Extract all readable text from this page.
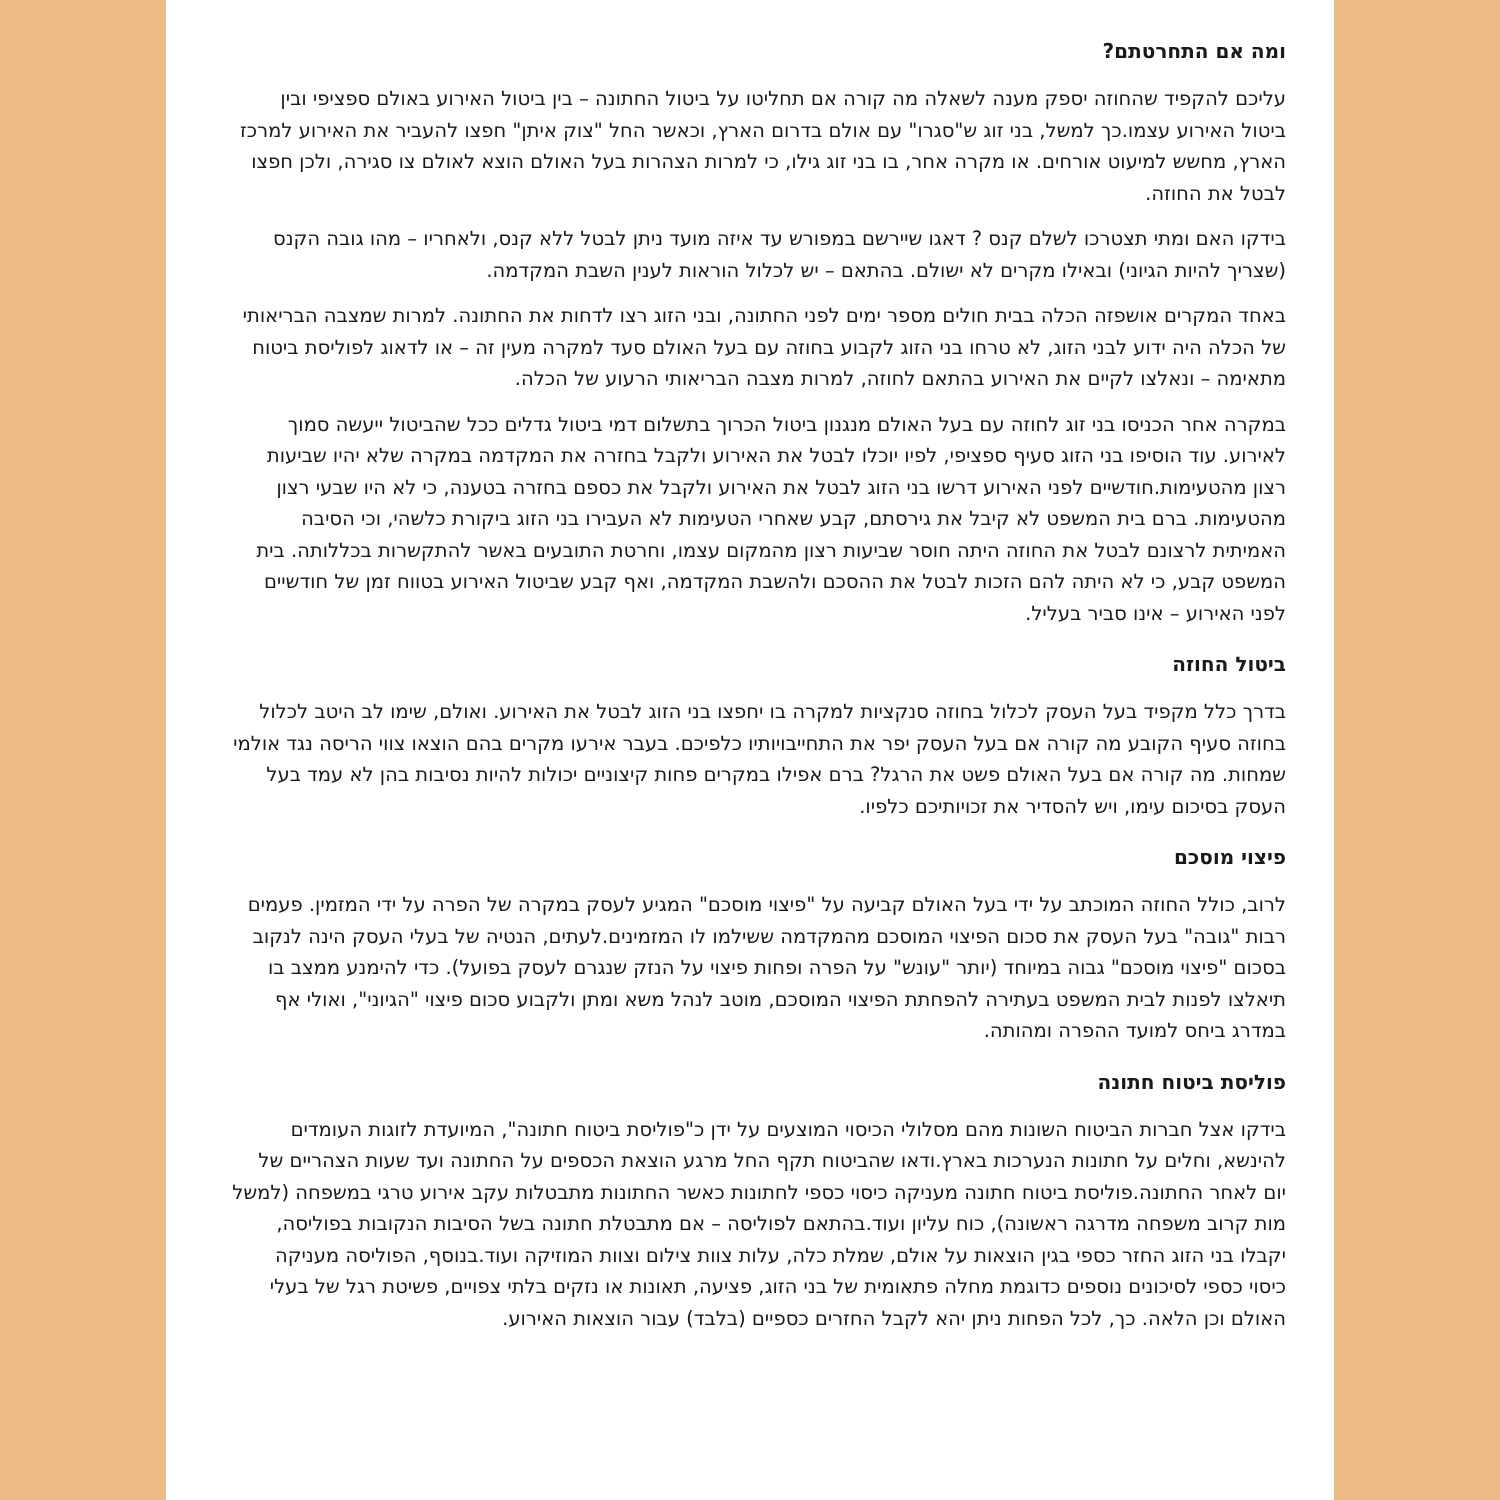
ומה אם התחרטתם?

עליכם להקפיד שהחוזה יספק מענה לשאלה מה קורה אם תחליטו על ביטול החתונה – בין ביטול האירוע באולם ספציפי ובין ביטול האירוע עצמו.כך למשל, בני זוג ש"סגרו" עם אולם בדרום הארץ, וכאשר החל "צוק איתן" חפצו להעביר את האירוע למרכז הארץ, מחשש למיעוט אורחים. או מקרה אחר, בו בני זוג גילו, כי למרות הצהרות בעל האולם הוצא לאולם צו סגירה, ולכן חפצו לבטל את החוזה.

בידקו האם ומתי תצטרכו לשלם קנס ? דאגו שיירשם במפורש עד איזה מועד ניתן לבטל ללא קנס, ולאחריו – מהו גובה הקנס (שצריך להיות הגיוני) ובאילו מקרים לא ישולם. בהתאם – יש לכלול הוראות לענין השבת המקדמה.

באחד המקרים אושפזה הכלה בבית חולים מספר ימים לפני החתונה, ובני הזוג רצו לדחות את החתונה. למרות שמצבה הבריאותי של הכלה היה ידוע לבני הזוג, לא טרחו בני הזוג לקבוע בחוזה עם בעל האולם סעד למקרה מעין זה – או לדאוג לפוליסת ביטוח מתאימה – ונאלצו לקיים את האירוע בהתאם לחוזה, למרות מצבה הבריאותי הרעוע של הכלה.

במקרה אחר הכניסו בני זוג לחוזה עם בעל האולם מנגנון ביטול הכרוך בתשלום דמי ביטול גדלים ככל שהביטול ייעשה סמוך לאירוע. עוד הוסיפו בני הזוג סעיף ספציפי, לפיו יוכלו לבטל את האירוע ולקבל בחזרה את המקדמה במקרה שלא יהיו שביעות רצון מהטעימות.חודשיים לפני האירוע דרשו בני הזוג לבטל את האירוע ולקבל את כספם בחזרה בטענה, כי לא היו שבעי רצון מהטעימות. ברם בית המשפט לא קיבל את גירסתם, קבע שאחרי הטעימות לא העבירו בני הזוג ביקורת כלשהי, וכי הסיבה האמיתית לרצונם לבטל את החוזה היתה חוסר שביעות רצון מהמקום עצמו, וחרטת התובעים באשר להתקשרות בכללותה. בית המשפט קבע, כי לא היתה להם הזכות לבטל את ההסכם ולהשבת המקדמה, ואף קבע שביטול האירוע בטווח זמן של חודשיים לפני האירוע – אינו סביר בעליל.

ביטול החוזה

בדרך כלל מקפיד בעל העסק לכלול בחוזה סנקציות למקרה בו יחפצו בני הזוג לבטל את האירוע. ואולם, שימו לב היטב לכלול בחוזה סעיף הקובע מה קורה אם בעל העסק יפר את התחייבויותיו כלפיכם. בעבר אירעו מקרים בהם הוצאו צווי הריסה נגד אולמי שמחות. מה קורה אם בעל האולם פשט את הרגל? ברם אפילו במקרים פחות קיצוניים יכולות להיות נסיבות בהן לא עמד בעל העסק בסיכום עימו, ויש להסדיר את זכויותיכם כלפיו.

פיצוי מוסכם

לרוב, כולל החוזה המוכתב על ידי בעל האולם קביעה על "פיצוי מוסכם" המגיע לעסק במקרה של הפרה על ידי המזמין. פעמים רבות "גובה" בעל העסק את סכום הפיצוי המוסכם מהמקדמה ששילמו לו המזמינים.לעתים, הנטיה של בעלי העסק הינה לנקוב בסכום "פיצוי מוסכם" גבוה במיוחד (יותר "עונש" על הפרה ופחות פיצוי על הנזק שנגרם לעסק בפועל). כדי להימנע ממצב בו תיאלצו לפנות לבית המשפט בעתירה להפחתת הפיצוי המוסכם, מוטב לנהל משא ומתן ולקבוע סכום פיצוי "הגיוני", ואולי אף במדרג ביחס למועד ההפרה ומהותה.

פוליסת ביטוח חתונה

בידקו אצל חברות הביטוח השונות מהם מסלולי הכיסוי המוצעים על ידן כ"פוליסת ביטוח חתונה", המיועדת לזוגות העומדים להינשא, וחלים על חתונות הנערכות בארץ.ודאו שהביטוח תקף החל מרגע הוצאת הכספים על החתונה ועד שעות הצהריים של יום לאחר החתונה.פוליסת ביטוח חתונה מעניקה כיסוי כספי לחתונות כאשר החתונות מתבטלות עקב אירוע טרגי במשפחה (למשל מות קרוב משפחה מדרגה ראשונה), כוח עליון ועוד.בהתאם לפוליסה – אם מתבטלת חתונה בשל הסיבות הנקובות בפוליסה, יקבלו בני הזוג החזר כספי בגין הוצאות על אולם, שמלת כלה, עלות צוות צילום וצוות המוזיקה ועוד.בנוסף, הפוליסה מעניקה כיסוי כספי לסיכונים נוספים כדוגמת מחלה פתאומית של בני הזוג, פציעה, תאונות או נזקים בלתי צפויים, פשיטת רגל של בעלי האולם וכן הלאה. כך, לכל הפחות ניתן יהא לקבל החזרים כספיים (בלבד) עבור הוצאות האירוע.
